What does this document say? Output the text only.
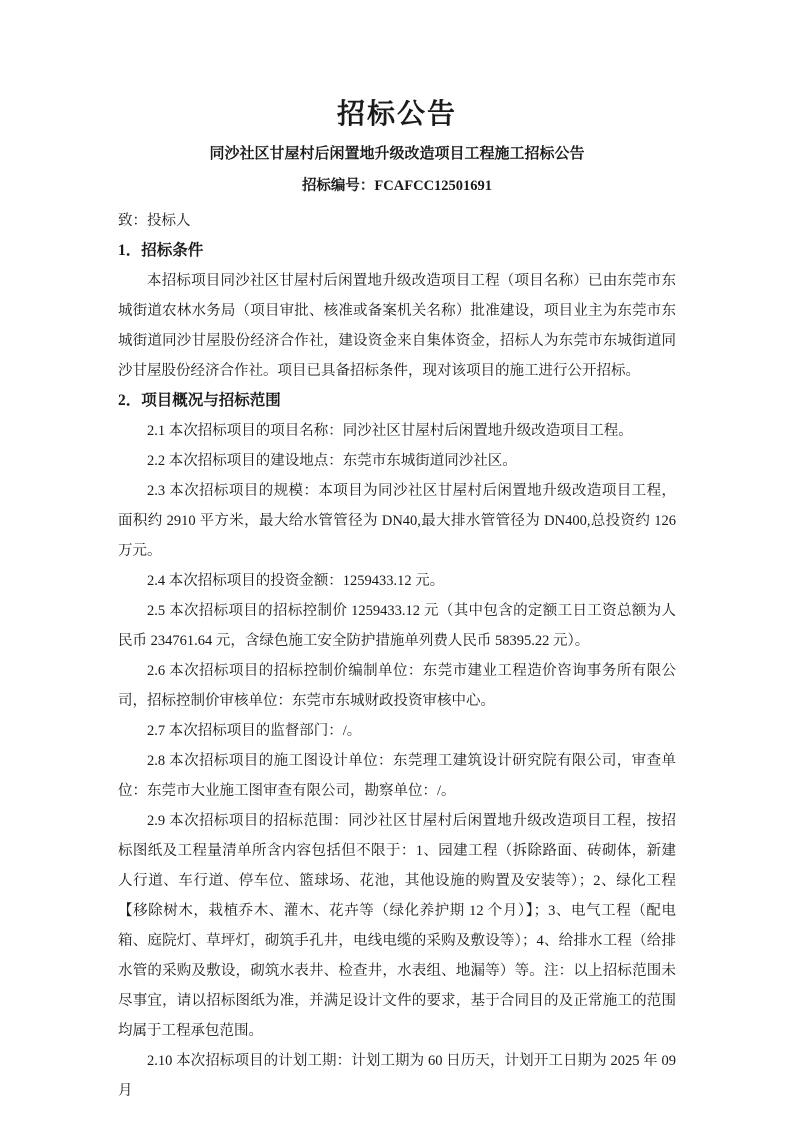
招标公告
同沙社区甘屋村后闲置地升级改造项目工程施工招标公告
招标编号：FCAFCC12501691
致：投标人
1．招标条件

本招标项目同沙社区甘屋村后闲置地升级改造项目工程（项目名称）已由东莞市东城街道农林水务局（项目审批、核准或备案机关名称）批准建设，项目业主为东莞市东城街道同沙甘屋股份经济合作社，建设资金来自集体资金，招标人为东莞市东城街道同沙甘屋股份经济合作社。项目已具备招标条件，现对该项目的施工进行公开招标。

2．项目概况与招标范围

2.1 本次招标项目的项目名称：同沙社区甘屋村后闲置地升级改造项目工程。

2.2 本次招标项目的建设地点：东莞市东城街道同沙社区。

2.3 本次招标项目的规模：本项目为同沙社区甘屋村后闲置地升级改造项目工程，面积约 2910 平方米，最大给水管管径为 DN40,最大排水管管径为 DN400,总投资约 126 万元。

2.4 本次招标项目的投资金额：1259433.12 元。

2.5 本次招标项目的招标控制价 1259433.12 元（其中包含的定额工日工资总额为人民币 234761.64 元，含绿色施工安全防护措施单列费人民币 58395.22 元）。

2.6 本次招标项目的招标控制价编制单位：东莞市建业工程造价咨询事务所有限公司，招标控制价审核单位：东莞市东城财政投资审核中心。

2.7 本次招标项目的监督部门：/。

2.8 本次招标项目的施工图设计单位：东莞理工建筑设计研究院有限公司，审查单位：东莞市大业施工图审查有限公司，勘察单位：/。

2.9 本次招标项目的招标范围：同沙社区甘屋村后闲置地升级改造项目工程，按招标图纸及工程量清单所含内容包括但不限于：1、园建工程（拆除路面、砖砌体，新建人行道、车行道、停车位、篮球场、花池，其他设施的购置及安装等）；2、绿化工程【移除树木，栽植乔木、灌木、花卉等（绿化养护期 12 个月）】；3、电气工程（配电箱、庭院灯、草坪灯，砌筑手孔井，电线电缆的采购及敷设等）；4、给排水工程（给排水管的采购及敷设，砌筑水表井、检查井，水表组、地漏等）等。注：以上招标范围未尽事宜，请以招标图纸为准，并满足设计文件的要求，基于合同目的及正常施工的范围均属于工程承包范围。

2.10 本次招标项目的计划工期：计划工期为 60 日历天，计划开工日期为 2025 年 09 月
